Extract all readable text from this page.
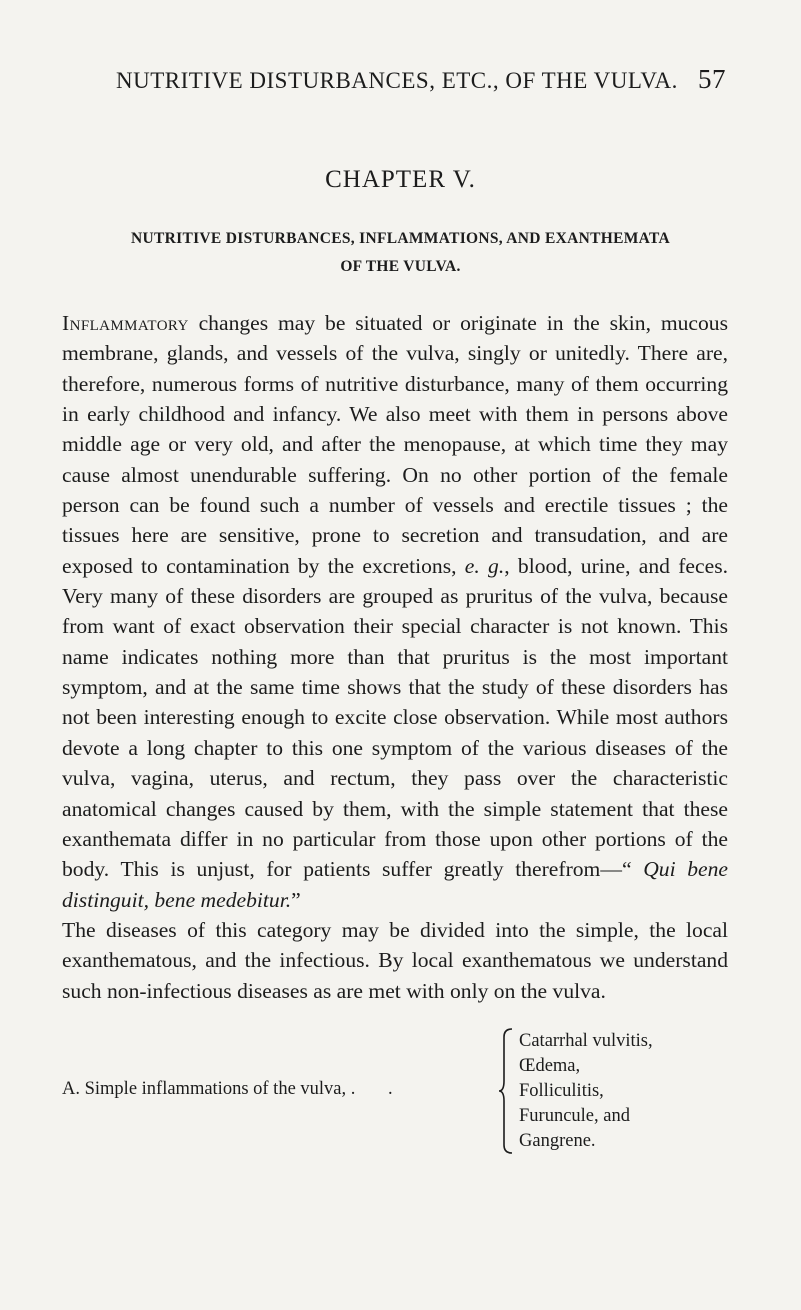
NUTRITIVE DISTURBANCES, ETC., OF THE VULVA. 57
CHAPTER V.
NUTRITIVE DISTURBANCES, INFLAMMATIONS, AND EXANTHEMATA
OF THE VULVA.

Inflammatory changes may be situated or originate in the skin, mucous membrane, glands, and vessels of the vulva, singly or unitedly. There are, therefore, numerous forms of nutritive disturbance, many of them occurring in early childhood and infancy. We also meet with them in persons above middle age or very old, and after the menopause, at which time they may cause almost unendurable suffering. On no other portion of the female person can be found such a number of vessels and erectile tissues ; the tissues here are sensitive, prone to secretion and transudation, and are exposed to contamination by the excretions, e. g., blood, urine, and feces. Very many of these disorders are grouped as pruritus of the vulva, because from want of exact observation their special character is not known. This name indicates nothing more than that pruritus is the most important symptom, and at the same time shows that the study of these disorders has not been interesting enough to excite close observation. While most authors devote a long chapter to this one symptom of the various diseases of the vulva, vagina, uterus, and rectum, they pass over the characteristic anatomical changes caused by them, with the simple statement that these exanthemata differ in no particular from those upon other portions of the body. This is unjust, for patients suffer greatly therefrom—“ Qui bene distinguit, bene medebitur.”

The diseases of this category may be divided into the simple, the local exanthematous, and the infectious. By local exanthematous we understand such non-infectious diseases as are met with only on the vulva.

A. Simple inflammations of the vulva, . .
Catarrhal vulvitis,
Œdema,
Folliculitis,
Furuncule, and
Gangrene.
